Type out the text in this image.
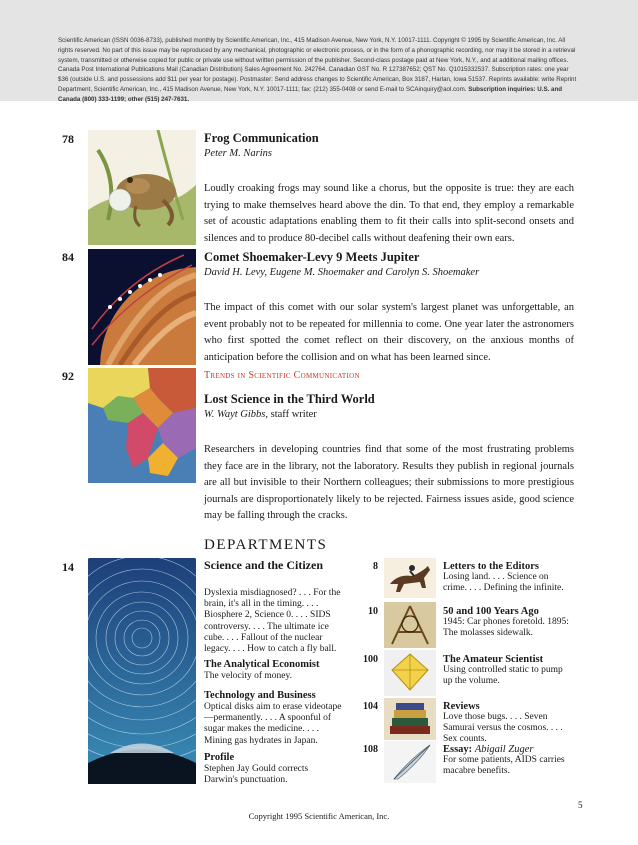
Scientific American (ISSN 0036-8733), published monthly by Scientific American, Inc., 415 Madison Avenue, New York, N.Y. 10017-1111. Copyright © 1995 by Scientific American, Inc. All rights reserved. No part of this issue may be reproduced by any mechanical, photographic or electronic process, or in the form of a phonographic recording, nor may it be stored in a retrieval system, transmitted or otherwise copied for public or private use without written permission of the publisher. Second-class postage paid at New York, N.Y., and at additional mailing offices. Canada Post International Publications Mail (Canadian Distribution) Sales Agreement No. 242764. Canadian GST No. R 127387652; QST No. Q1015332537. Subscription rates: one year $36 (outside U.S. and possessions add $11 per year for postage). Postmaster: Send address changes to Scientific American, Box 3187, Harlan, Iowa 51537. Reprints available: write Reprint Department, Scientific American, Inc., 415 Madison Avenue, New York, N.Y. 10017-1111; fax: (212) 355-0408 or send E-mail to SCAinquiry@aol.com. Subscription inquiries: U.S. and Canada (800) 333-1199; other (515) 247-7631.
78	Frog Communication
Peter M. Narins
Loudly croaking frogs may sound like a chorus, but the opposite is true: they are each trying to make themselves heard above the din. To that end, they employ a remarkable set of acoustic adaptations enabling them to fit their calls into split-second onsets and silences and to produce 80-decibel calls without deafening their own ears.
84	Comet Shoemaker-Levy 9 Meets Jupiter
David H. Levy, Eugene M. Shoemaker and Carolyn S. Shoemaker
The impact of this comet with our solar system's largest planet was unforgettable, an event probably not to be repeated for millennia to come. One year later the astronomers who first spotted the comet reflect on their discovery, on the anxious months of anticipation before the collision and on what has been learned since.
92	Trends in Scientific Communication
Lost Science in the Third World
W. Wayt Gibbs, staff writer
Researchers in developing countries find that some of the most frustrating problems they face are in the library, not the laboratory. Results they publish in regional journals are all but invisible to their Northern colleagues; their submissions to more prestigious journals are disproportionately likely to be rejected. Fairness issues aside, good science may be falling through the cracks.
DEPARTMENTS
14	Science and the Citizen
Dyslexia misdiagnosed? . . . For the brain, it's all in the timing. . . . Biosphere 2, Science 0. . . . SIDS controversy. . . . The ultimate ice cube. . . . Fallout of the nuclear legacy. . . . How to catch a fly ball.
The Analytical Economist
The velocity of money.
Technology and Business
Optical disks aim to erase videotape—permanently. . . . A spoonful of sugar makes the medicine. . . . Mining gas hydrates in Japan.
Profile
Stephen Jay Gould corrects Darwin's punctuation.
8	Letters to the Editors
Losing land. . . . Science on crime. . . . Defining the infinite.
10	50 and 100 Years Ago
1945: Car phones foretold. 1895: The molasses sidewalk.
100	The Amateur Scientist
Using controlled static to pump up the volume.
104	Reviews
Love those bugs. . . . Seven Samurai versus the cosmos. . . . Sex counts.
108	Essay: Abigail Zuger
For some patients, AIDS carries macabre benefits.
5
Copyright 1995 Scientific American, Inc.
